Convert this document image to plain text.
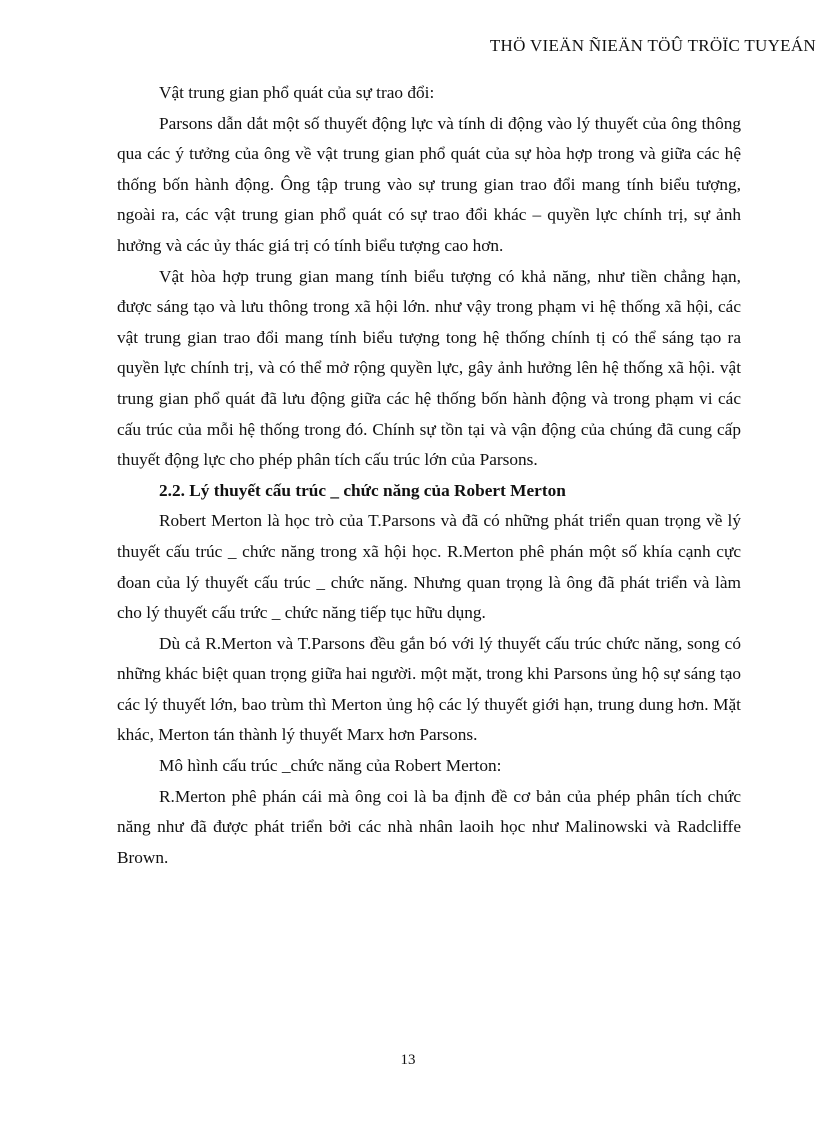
THÖ VIEÄN ÑIEÄN TÖÛ TRÖÏC TUYEÁN

Vật trung gian phổ quát của sự trao đổi:

Parsons dẫn dắt một số thuyết động lực và tính di động vào lý thuyết của ông thông qua các ý tưởng của ông về vật trung gian phổ quát của sự hòa hợp trong và giữa các hệ thống bốn hành động. Ông tập trung vào sự trung gian trao đổi mang tính biểu tượng, ngoài ra, các vật trung gian phổ quát có sự trao đổi khác – quyền lực chính trị, sự ảnh hưởng và các ủy thác giá trị có tính biểu tượng cao hơn.

Vật hòa hợp trung gian mang tính biểu tượng có khả năng, như tiền chẳng hạn, được sáng tạo và lưu thông trong xã hội lớn. như vậy trong phạm vi hệ thống xã hội, các vật trung gian trao đổi mang tính biểu tượng tong hệ thống chính tị có thể sáng tạo ra quyền lực chính trị, và có thể mở rộng quyền lực, gây ảnh hưởng lên hệ thống xã hội. vật trung gian phổ quát đã lưu động giữa các hệ thống bốn hành động và trong phạm vi các cấu trúc của mỗi hệ thống trong đó. Chính sự tồn tại và vận động của chúng đã cung cấp thuyết động lực cho phép phân tích cấu trúc lớn của Parsons.

2.2. Lý thuyết cấu trúc _ chức năng của Robert Merton

Robert Merton là học trò của T.Parsons và đã có những phát triển quan trọng về lý thuyết cấu trúc _ chức năng trong xã hội học. R.Merton phê phán một số khía cạnh cực đoan của lý thuyết cấu trúc _ chức năng. Nhưng quan trọng là ông đã phát triển và làm cho lý thuyết cấu trức _ chức năng tiếp tục hữu dụng.

Dù cả R.Merton và T.Parsons đều gắn bó với lý thuyết cấu trúc chức năng, song có những khác biệt quan trọng giữa hai người. một mặt, trong khi Parsons ủng hộ sự sáng tạo các lý thuyết lớn, bao trùm thì Merton ủng hộ các lý thuyết giới hạn, trung dung hơn. Mặt khác, Merton tán thành lý thuyết Marx hơn Parsons.

Mô hình cấu trúc _chức năng của Robert Merton:

R.Merton phê phán cái mà ông coi là ba định đề cơ bản của phép phân tích chức năng như đã được phát triển bởi các nhà nhân laoih học như Malinowski và Radcliffe Brown.

13
